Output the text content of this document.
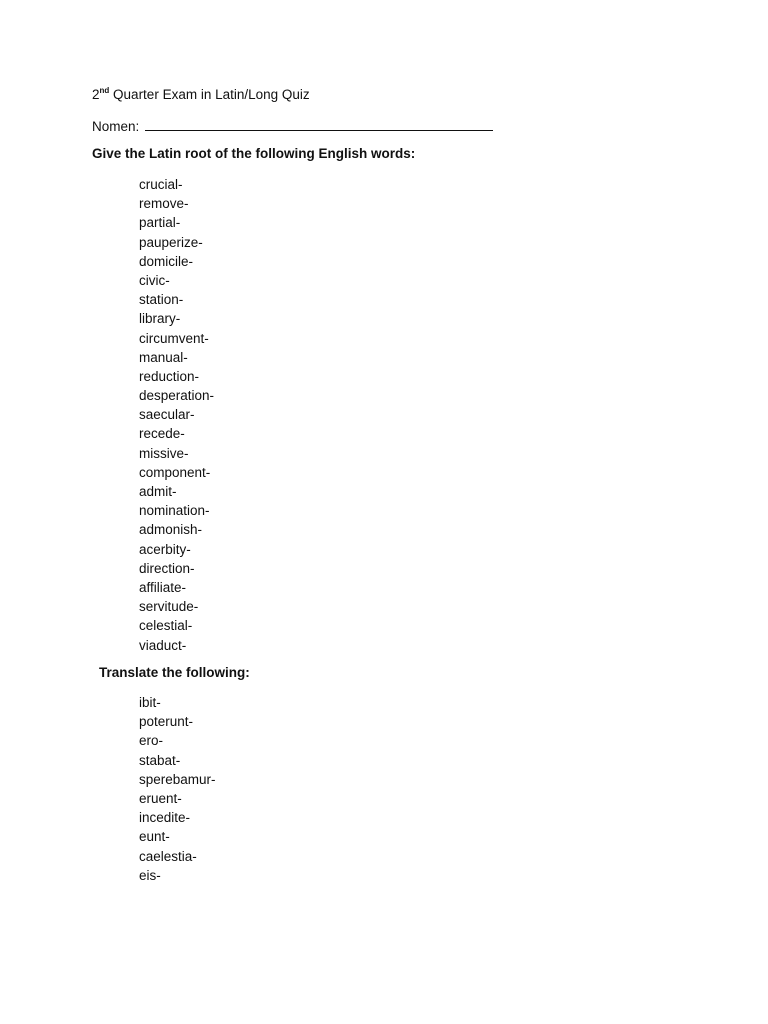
2nd Quarter Exam in Latin/Long Quiz
Nomen:
Give the Latin root of the following English words:
crucial-
remove-
partial-
pauperize-
domicile-
civic-
station-
library-
circumvent-
manual-
reduction-
desperation-
saecular-
recede-
missive-
component-
admit-
nomination-
admonish-
acerbity-
direction-
affiliate-
servitude-
celestial-
viaduct-
Translate the following:
ibit-
poterunt-
ero-
stabat-
sperebamur-
eruent-
incedite-
eunt-
caelestia-
eis-
